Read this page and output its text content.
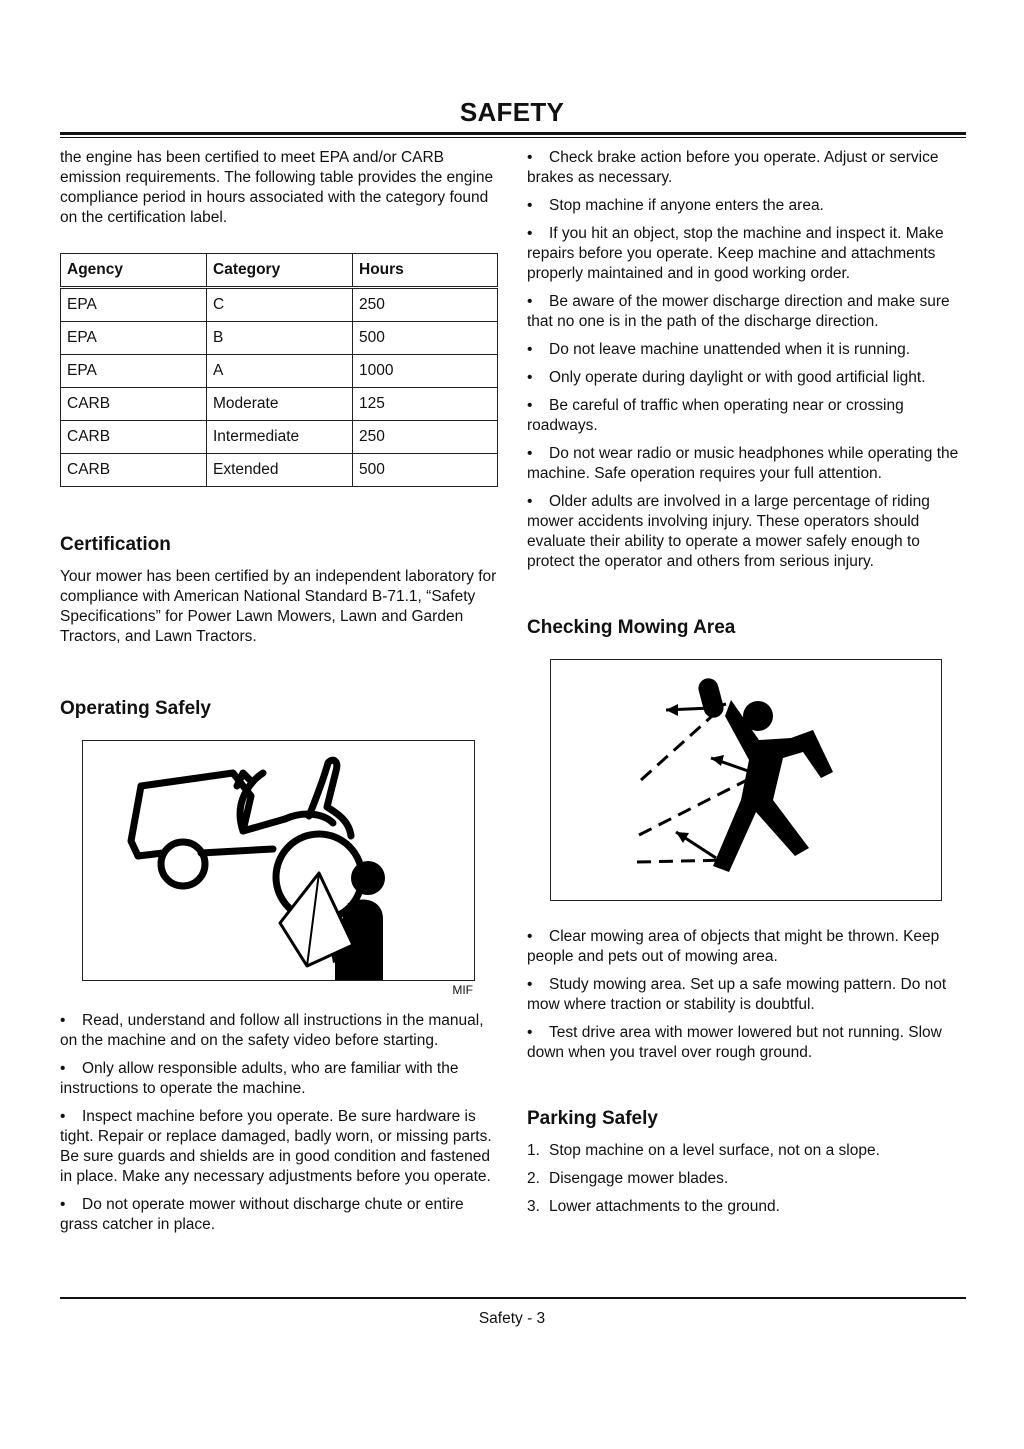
SAFETY

the engine has been certified to meet EPA and/or CARB emission requirements. The following table provides the engine compliance period in hours associated with the category found on the certification label.

Agency	Category	Hours
EPA	C	250
EPA	B	500
EPA	A	1000
CARB	Moderate	125
CARB	Intermediate	250
CARB	Extended	500
Certification

Your mower has been certified by an independent laboratory for compliance with American National Standard B-71.1, “Safety Specifications” for Power Lawn Mowers, Lawn and Garden Tractors, and Lawn Tractors.

Operating Safely
MIF

• Read, understand and follow all instructions in the manual, on the machine and on the safety video before starting.

• Only allow responsible adults, who are familiar with the instructions to operate the machine.

• Inspect machine before you operate. Be sure hardware is tight. Repair or replace damaged, badly worn, or missing parts. Be sure guards and shields are in good condition and fastened in place. Make any necessary adjustments before you operate.

• Do not operate mower without discharge chute or entire grass catcher in place.

• Check brake action before you operate. Adjust or service brakes as necessary.

• Stop machine if anyone enters the area.

• If you hit an object, stop the machine and inspect it. Make repairs before you operate. Keep machine and attachments properly maintained and in good working order.

• Be aware of the mower discharge direction and make sure that no one is in the path of the discharge direction.

• Do not leave machine unattended when it is running.

• Only operate during daylight or with good artificial light.

• Be careful of traffic when operating near or crossing roadways.

• Do not wear radio or music headphones while operating the machine. Safe operation requires your full attention.

• Older adults are involved in a large percentage of riding mower accidents involving injury. These operators should evaluate their ability to operate a mower safely enough to protect the operator and others from serious injury.

Checking Mowing Area

• Clear mowing area of objects that might be thrown. Keep people and pets out of mowing area.

• Study mowing area. Set up a safe mowing pattern. Do not mow where traction or stability is doubtful.

• Test drive area with mower lowered but not running. Slow down when you travel over rough ground.

Parking Safely

1. Stop machine on a level surface, not on a slope.

2. Disengage mower blades.

3. Lower attachments to the ground.

Safety - 3
